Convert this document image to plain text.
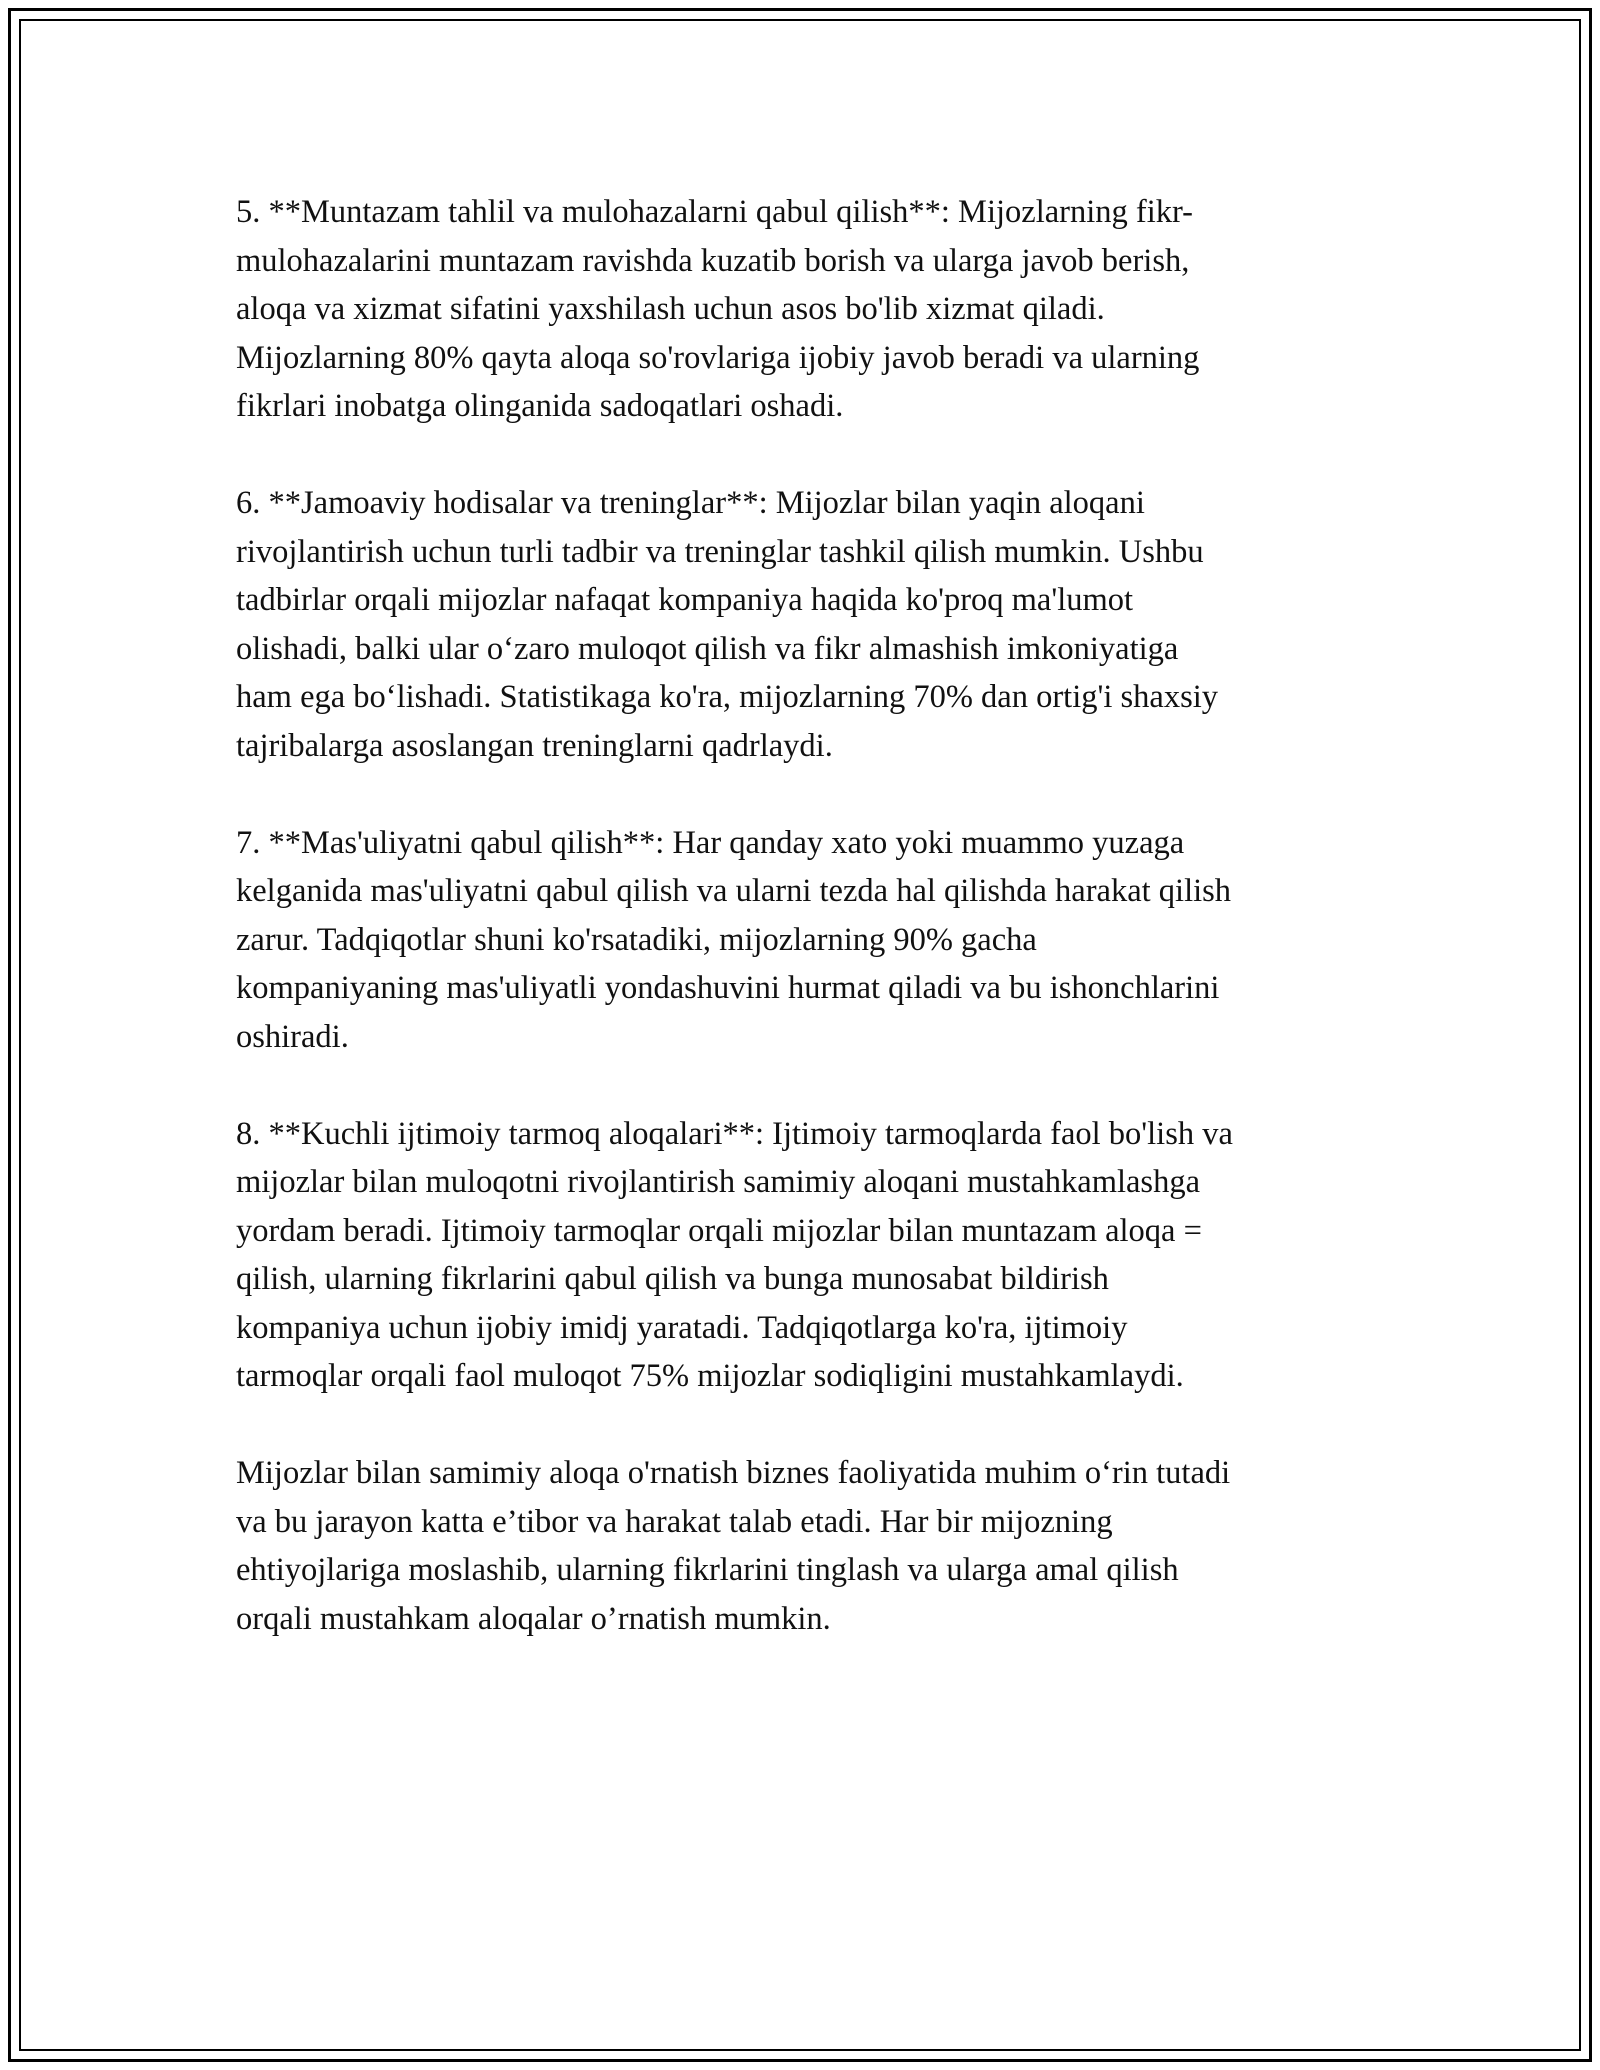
5. **Muntazam tahlil va mulohazalarni qabul qilish**: Mijozlarning fikr-
mulohazalarini muntazam ravishda kuzatib borish va ularga javob berish,
aloqa va xizmat sifatini yaxshilash uchun asos bo'lib xizmat qiladi.
Mijozlarning 80% qayta aloqa so'rovlariga ijobiy javob beradi va ularning
fikrlari inobatga olinganida sadoqatlari oshadi.

6. **Jamoaviy hodisalar va treninglar**: Mijozlar bilan yaqin aloqani
rivojlantirish uchun turli tadbir va treninglar tashkil qilish mumkin. Ushbu
tadbirlar orqali mijozlar nafaqat kompaniya haqida ko'proq ma'lumot
olishadi, balki ular o‘zaro muloqot qilish va fikr almashish imkoniyatiga
ham ega bo‘lishadi. Statistikaga ko'ra, mijozlarning 70% dan ortig'i shaxsiy
tajribalarga asoslangan treninglarni qadrlaydi.

7. **Mas'uliyatni qabul qilish**: Har qanday xato yoki muammo yuzaga
kelganida mas'uliyatni qabul qilish va ularni tezda hal qilishda harakat qilish
zarur. Tadqiqotlar shuni ko'rsatadiki, mijozlarning 90% gacha
kompaniyaning mas'uliyatli yondashuvini hurmat qiladi va bu ishonchlarini
oshiradi.

8. **Kuchli ijtimoiy tarmoq aloqalari**: Ijtimoiy tarmoqlarda faol bo'lish va
mijozlar bilan muloqotni rivojlantirish samimiy aloqani mustahkamlashga
yordam beradi. Ijtimoiy tarmoqlar orqali mijozlar bilan muntazam aloqa =
qilish, ularning fikrlarini qabul qilish va bunga munosabat bildirish
kompaniya uchun ijobiy imidj yaratadi. Tadqiqotlarga ko'ra, ijtimoiy
tarmoqlar orqali faol muloqot 75% mijozlar sodiqligini mustahkamlaydi.

Mijozlar bilan samimiy aloqa o'rnatish biznes faoliyatida muhim o‘rin tutadi
va bu jarayon katta e’tibor va harakat talab etadi. Har bir mijozning
ehtiyojlariga moslashib, ularning fikrlarini tinglash va ularga amal qilish
orqali mustahkam aloqalar o’rnatish mumkin.
